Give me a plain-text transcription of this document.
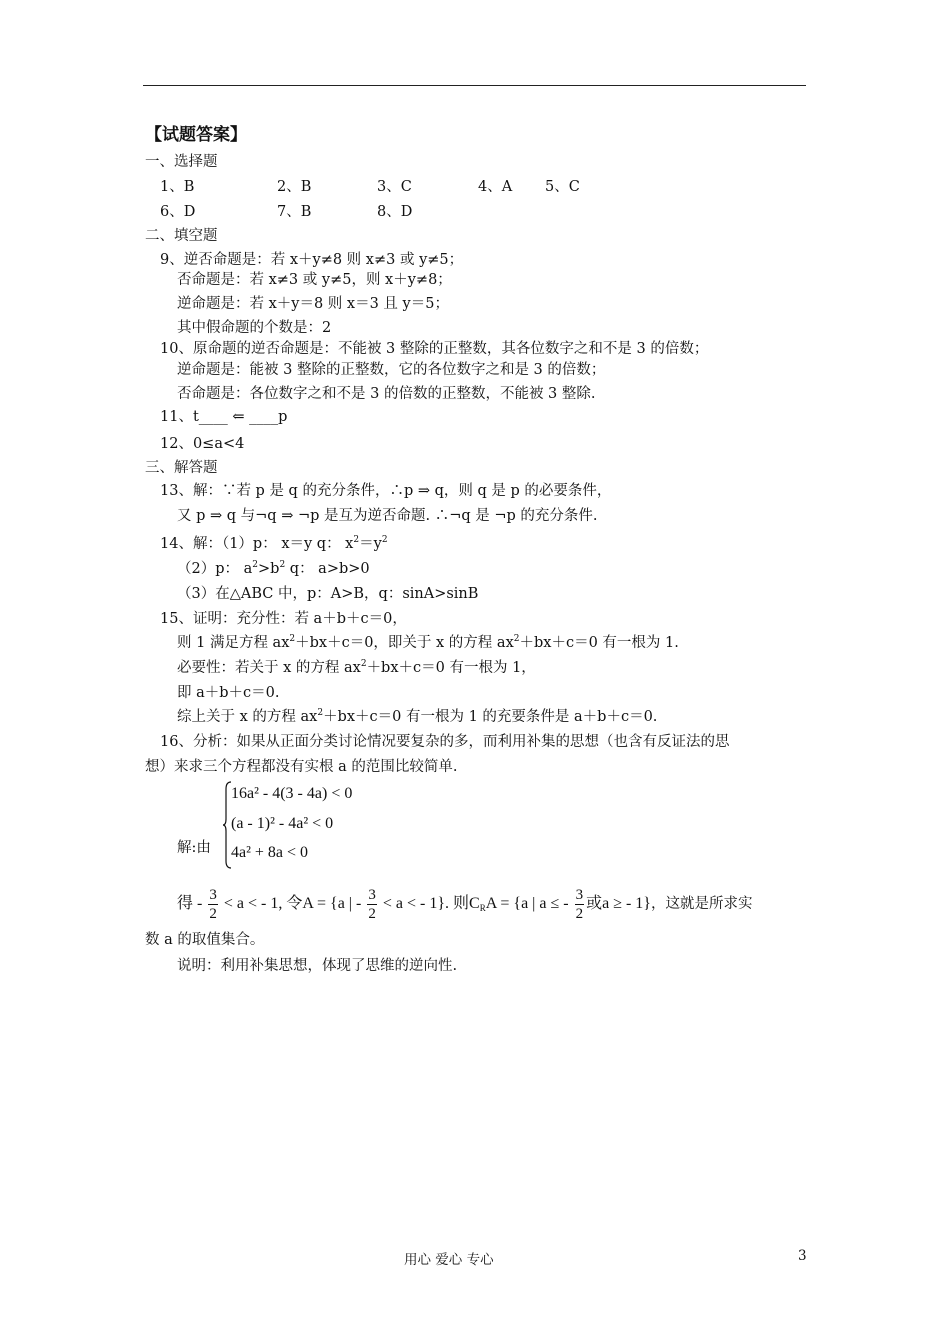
【试题答案】
一、选择题
1、B	2、B	3、C	4、A 5、C
6、D	7、B	8、D
二、填空题
9、逆否命题是：若 x＋y≠8 则 x≠3 或 y≠5；
否命题是：若 x≠3 或 y≠5，则 x＋y≠8；
逆命题是：若 x＋y＝8 则 x＝3 且 y＝5；
其中假命题的个数是：2
10、原命题的逆否命题是：不能被 3 整除的正整数，其各位数字之和不是 3 的倍数；
逆命题是：能被 3 整除的正整数，它的各位数字之和是 3 的倍数；
否命题是：各位数字之和不是 3 的倍数的正整数，不能被 3 整除.
11、t____ ⇐ ____p
12、0≤a<4
三、解答题
13、解：∵若 p 是 q 的充分条件，∴p ⇒ q，则 q 是 p 的必要条件，
又 p ⇒ q 与¬q ⇒ ¬p 是互为逆否命题. ∴¬q 是 ¬p 的充分条件.
14、解：（1）p： x＝y q： $x^2=y^2$
（2）p： $a^2>b^2$ q： a>b>0
（3）在△ABC 中，p：A>B，q：sinA>sinB
15、证明：充分性：若 a＋b＋c＝0，
则 1 满足方程 $ax^2+bx+c=0$，即关于 x 的方程 $ax^2+bx+c=0$ 有一根为 1.
必要性：若关于 x 的方程 $ax^2+bx+c=0$ 有一根为 1，
即 a＋b＋c＝0.
综上关于 x 的方程 $ax^2+bx+c=0$ 有一根为 1 的充要条件是 a＋b＋c＝0.
16、分析：如果从正面分类讨论情况要复杂的多，而利用补集的思想（也含有反证法的思
想）来求三个方程都没有实根 a 的范围比较简单.
解:由
16a² - 4(3 - 4a) < 0
(a - 1)² - 4a² < 0
4a² + 8a < 0
得 - $\frac{3}{2} < a$ < - 1, 令A = {a | - $\frac{3}{2} < a$ < - 1}. 则$C_RA = \{a$ | a ≤ - $\frac{3}{2}$ 或a ≥ - 1}，这就是所求实
数 a 的取值集合。
说明：利用补集思想，体现了思维的逆向性.
用心 爱心 专心	3
